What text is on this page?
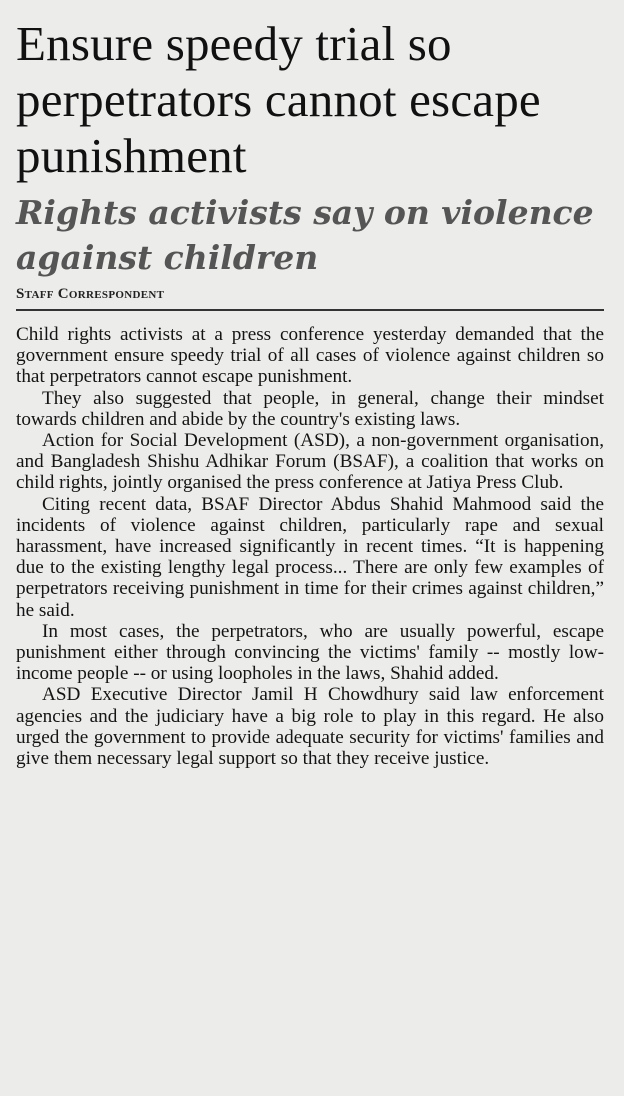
Ensure speedy trial so perpetrators cannot escape punishment
Rights activists say on violence against children
Staff Correspondent

Child rights activists at a press conference yesterday demanded that the government ensure speedy trial of all cases of violence against children so that perpetrators cannot escape punishment.

They also suggested that people, in general, change their mindset towards children and abide by the country's existing laws.

Action for Social Development (ASD), a non-government organisation, and Bangladesh Shishu Adhikar Forum (BSAF), a coalition that works on child rights, jointly organised the press conference at Jatiya Press Club.

Citing recent data, BSAF Director Abdus Shahid Mahmood said the incidents of violence against children, particularly rape and sexual harassment, have increased significantly in recent times. “It is happening due to the existing lengthy legal process... There are only few examples of perpetrators receiving punishment in time for their crimes against children,” he said.

In most cases, the perpetrators, who are usually powerful, escape punishment either through convincing the victims' family -- mostly low-income people -- or using loopholes in the laws, Shahid added.

ASD Executive Director Jamil H Chowdhury said law enforcement agencies and the judiciary have a big role to play in this regard. He also urged the government to provide adequate security for victims' families and give them necessary legal support so that they receive justice.
